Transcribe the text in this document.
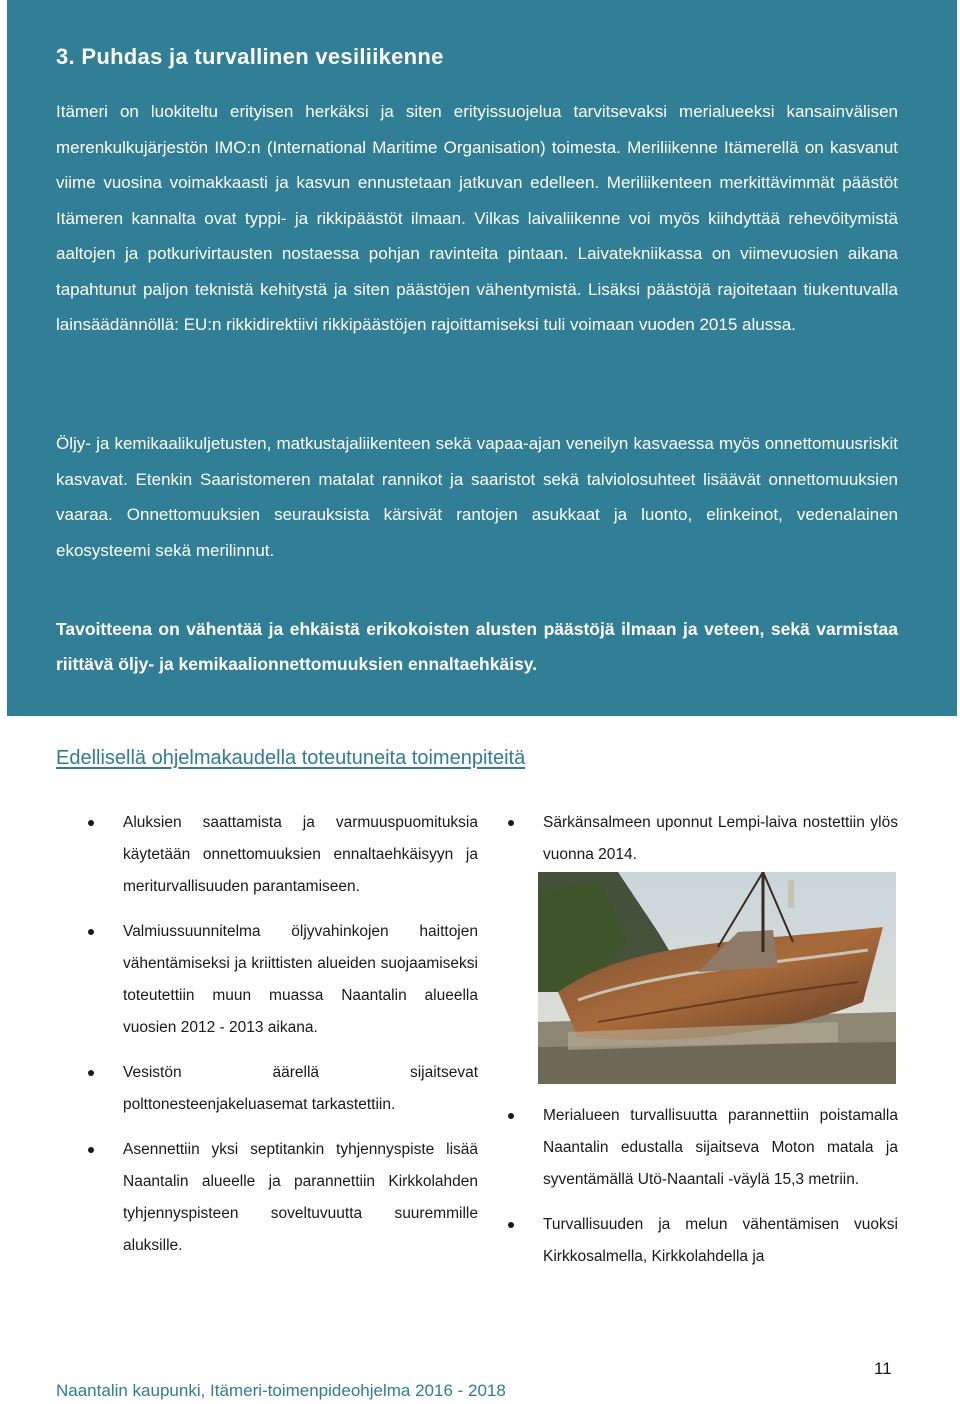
3. Puhdas ja turvallinen vesiliikenne

Itämeri on luokiteltu erityisen herkäksi ja siten erityissuojelua tarvitsevaksi merialueeksi kansainvälisen merenkulkujärjestön IMO:n (International Maritime Organisation) toimesta. Meriliikenne Itämerellä on kasvanut viime vuosina voimakkaasti ja kasvun ennustetaan jatkuvan edelleen. Meriliikenteen merkittävimmät päästöt Itämeren kannalta ovat typpi- ja rikkipäästöt ilmaan. Vilkas laivaliikenne voi myös kiihdyttää rehevöitymistä aaltojen ja potkurivirtausten nostaessa pohjan ravinteita pintaan. Laivatekniikassa on viimevuosien aikana tapahtunut paljon teknistä kehitystä ja siten päästöjen vähentymistä. Lisäksi päästöjä rajoitetaan tiukentuvalla lainsäädännöllä: EU:n rikkidirektiivi rikkipäästöjen rajoittamiseksi tuli voimaan vuoden 2015 alussa.

Öljy- ja kemikaalikuljetusten, matkustajaliikenteen sekä vapaa-ajan veneilyn kasvaessa myös onnettomuusriskit kasvavat. Etenkin Saaristomeren matalat rannikot ja saaristot sekä talviolosuhteet lisäävät onnettomuuksien vaaraa. Onnettomuuksien seurauksista kärsivät rantojen asukkaat ja luonto, elinkeinot, vedenalainen ekosysteemi sekä merilinnut.

Tavoitteena on vähentää ja ehkäistä erikokoisten alusten päästöjä ilmaan ja veteen, sekä varmistaa riittävä öljy- ja kemikaalionnettomuuksien ennaltaehkäisy.

Edellisellä ohjelmakaudella toteutuneita toimenpiteitä
Aluksien saattamista ja varmuuspuomituksia käytetään onnettomuuksien ennaltaehkäisyyn ja meriturvallisuuden parantamiseen.
Valmiussuunnitelma öljyvahinkojen haittojen vähentämiseksi ja kriittisten alueiden suojaamiseksi toteutettiin muun muassa Naantalin alueella vuosien 2012 - 2013 aikana.
Vesistön äärellä sijaitsevat polttonesteenjakeluasemat tarkastettiin.
Asennettiin yksi septitankin tyhjennyspiste lisää Naantalin alueelle ja parannettiin Kirkkolahden tyhjennyspisteen soveltuvuutta suuremmille aluksille.
Särkänsalmeen uponnut Lempi-laiva nostettiin ylös vuonna 2014.
Merialueen turvallisuutta parannettiin poistamalla Naantalin edustalla sijaitseva Moton matala ja syventämällä Utö-Naantali -väylä 15,3 metriin.
Turvallisuuden ja melun vähentämisen vuoksi Kirkkosalmella, Kirkkolahdella ja

11

Naantalin kaupunki, Itämeri-toimenpideohjelma 2016 - 2018
